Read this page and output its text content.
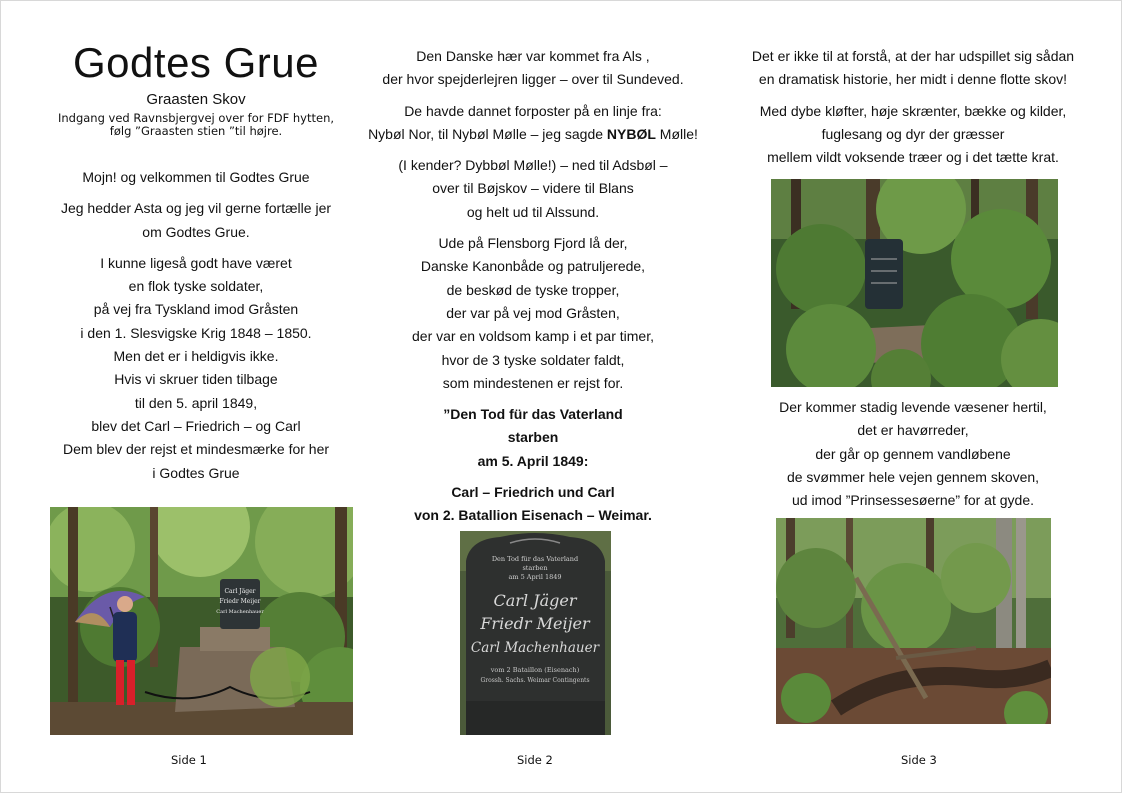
Godtes Grue
Graasten Skov
Indgang ved Ravnsbjergvej over for FDF hytten,
følg ”Graasten stien ”til højre.

Mojn! og velkommen til Godtes Grue

Jeg hedder Asta og jeg vil gerne fortælle jer

om Godtes Grue.

I kunne ligeså godt have været

en flok tyske soldater,

på vej fra Tyskland imod Gråsten

i den 1. Slesvigske Krig 1848 – 1850.

Men det er i heldigvis ikke.

Hvis vi skruer tiden tilbage

til den 5. april 1849,

blev det Carl – Friedrich – og Carl

Dem blev der rejst et mindesmærke for her

i Godtes Grue

Carl Jäger
Friedr Meijer
Carl Machenhauer
Side 1

Den Danske hær var kommet fra Als ,

der hvor spejderlejren ligger – over til Sundeved.

De havde dannet forposter på en linje fra:

Nybøl Nor, til Nybøl Mølle – jeg sagde NYBØL Mølle!

(I kender? Dybbøl Mølle!) – ned til Adsbøl –

over til Bøjskov – videre til Blans

og helt ud til Alssund.

Ude på Flensborg Fjord lå der,

Danske Kanonbåde og patruljerede,

de beskød de tyske tropper,

der var på vej mod Gråsten,

der var en voldsom kamp i et par timer,

hvor de 3 tyske soldater faldt,

som mindestenen er rejst for.

”Den Tod für das Vaterland

starben

am 5. April 1849:

Carl – Friedrich und Carl

von 2. Batallion Eisenach – Weimar.

Den Tod für das Vaterland
starben
am 5 April 1849
Carl Jäger
Friedr Meijer
Carl Machenhauer
vom 2 Bataillon (Eisenach)
Grossh. Sachs. Weimar Contingents
Side 2

Det er ikke til at forstå, at der har udspillet sig sådan

en dramatisk historie, her midt i denne flotte skov!

Med dybe kløfter, høje skrænter, bække og kilder,

fuglesang og dyr der græsser

mellem vildt voksende træer og i det tætte krat.

Der kommer stadig levende væsener hertil,

det er havørreder,

der går op gennem vandløbene

de svømmer hele vejen gennem skoven,

ud imod ”Prinsessesøerne” for at gyde.

Side 3
